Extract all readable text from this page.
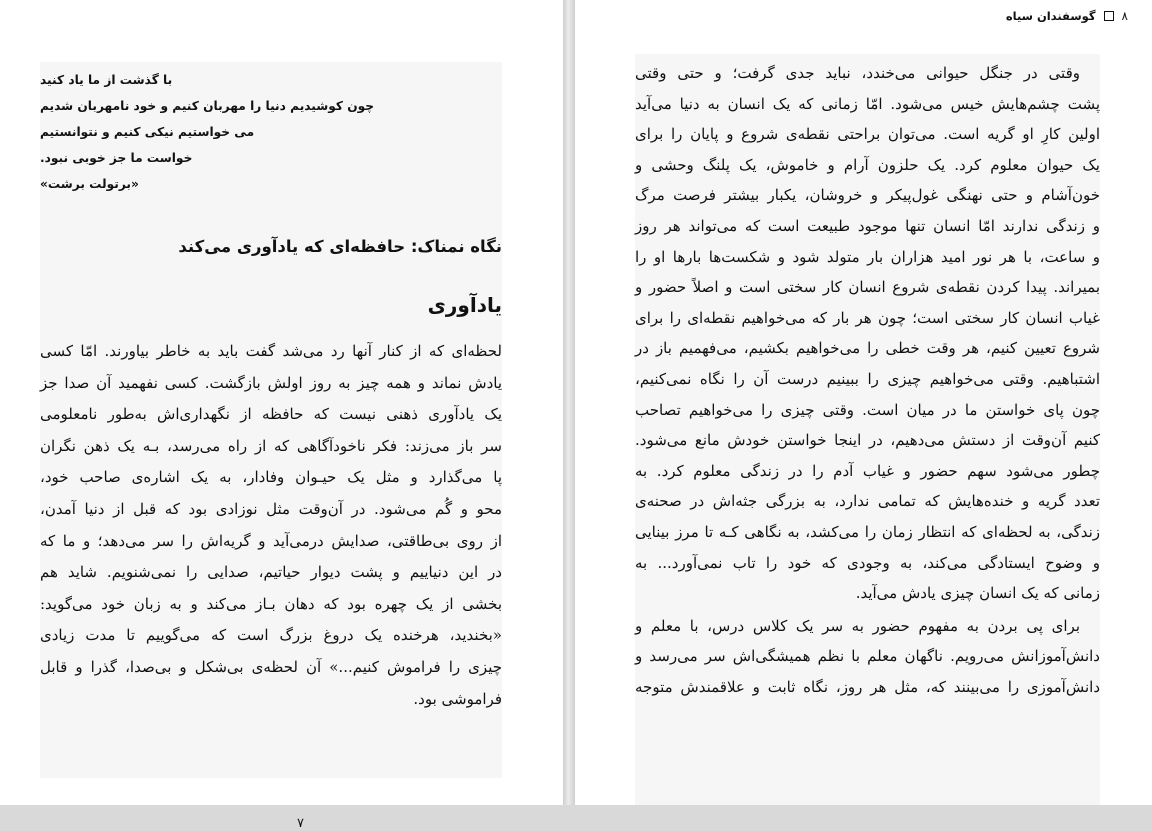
با گذشت از ما یاد کنید
چون کوشیدیم دنیا را مهربان کنیم و خود نامهربان شدیم
می خواستیم نیکی کنیم و نتوانستیم
خواست ما جز خوبی نبود.
«برتولت برشت»
نگاه نمناک: حافظه‌ای که یادآوری می‌کند
یادآوری
لحظه‌ای که از کنار آنها رد می‌شد گفت باید به خاطر بیاورند. امّا کسی
یادش نماند و همه چیز به روز اولش بازگشت. کسی نفهمید آن صدا جز
یک یادآوری ذهنی نیست که حافظه از نگهداری‌اش به‌طور نامعلومی
سر باز می‌زند: فکر ناخودآگاهی که از راه می‌رسد، بـه یک ذهن نگران
پا می‌گذارد و مثل یک حیـوان وفادار، به یک اشاره‌ی صاحب خود،
محو و گُم می‌شود. در آن‌وقت مثل نوزادی بود که قبل از دنیا آمدن،
از روی بی‌طاقتی، صدایش درمی‌آید و گریه‌اش را سر می‌دهد؛ و ما که
در این دنیاییم و پشت دیوار حیاتیم، صدایی را نمی‌شنویم. شاید هم
بخشی از یک چهره بود که دهان بـاز می‌کند و به زبان خود می‌گوید:
«بخندید، هرخنده یک دروغ بزرگ است که می‌گوییم تا مدت زیادی
چیزی را فراموش کنیم...» آن لحظه‌ی بی‌شکل و بی‌صدا، گذرا و قابل
فراموشی بود.
۷
۸
گوسفندان سیاه
وقتی در جنگل حیوانی می‌خندد، نباید جدی گرفت؛ و حتی وقتی
پشت چشم‌هایش خیس می‌شود. امّا زمانی که یک انسان به دنیا می‌آید
اولین کارِ او گریه است. می‌توان براحتی نقطه‌ی شروع و پایان را برای
یک حیوان معلوم کرد. یک حلزون آرام و خاموش، یک پلنگ وحشی و
خون‌آشام و حتی نهنگی غول‌پیکر و خروشان، یکبار بیشتر فرصت مرگ
و زندگی ندارند امّا انسان تنها موجود طبیعت است که می‌تواند هر روز
و ساعت، با هر نور امید هزاران بار متولد شود و شکست‌ها بارها او را
بمیراند. پیدا کردن نقطه‌ی شروع انسان کار سختی است و اصلاً حضور و
غیاب انسان کار سختی است؛ چون هر بار که می‌خواهیم نقطه‌ای را برای
شروع تعیین کنیم، هر وقت خطی را می‌خواهیم بکشیم، می‌فهمیم باز در
اشتباهیم. وقتی می‌خواهیم چیزی را ببینیم درست آن را نگاه نمی‌کنیم،
چون پای خواستن ما در میان است. وقتی چیزی را می‌خواهیم تصاحب
کنیم آن‌وقت از دستش می‌دهیم، در اینجا خواستن خودش مانع می‌شود.
چطور می‌شود سهم حضور و غیاب آدم را در زندگی معلوم کرد. به
تعدد گریه و خنده‌هایش که تمامی ندارد، به بزرگی جثه‌اش در صحنه‌ی
زندگی، به لحظه‌ای که انتظار زمان را می‌کشد، به نگاهی کـه تا مرز بینایی
و وضوح ایستادگی می‌کند، به وجودی که خود را تاب نمی‌آورد... به
زمانی که یک انسان چیزی یادش می‌آید.
برای پی بردن به مفهوم حضور به سر یک کلاس درس، با معلم و
دانش‌آموزانش می‌رویم. ناگهان معلم با نظم همیشگی‌اش سر می‌رسد و
دانش‌آموزی را می‌بینند که، مثل هر روز، نگاه ثابت و علاقمندش متوجه
